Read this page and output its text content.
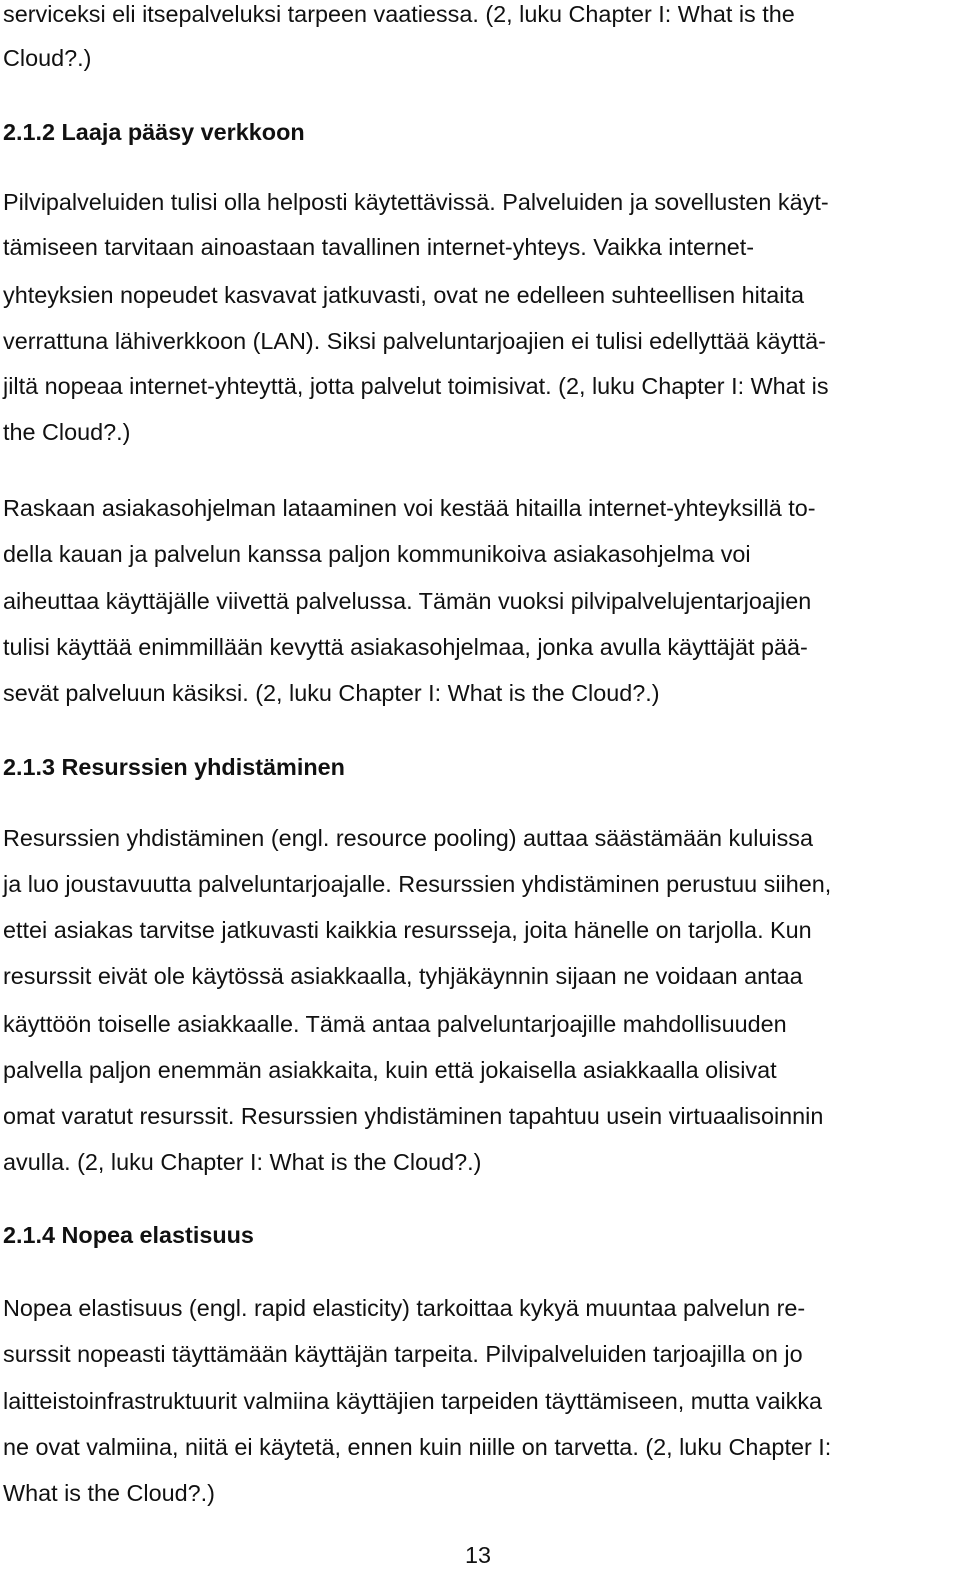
serviceksi eli itsepalveluksi tarpeen vaatiessa. (2, luku Chapter I: What is the
Cloud?.)
2.1.2 Laaja pääsy verkkoon
Pilvipalveluiden tulisi olla helposti käytettävissä. Palveluiden ja sovellusten käyt-
tämiseen tarvitaan ainoastaan tavallinen internet-yhteys. Vaikka internet-
yhteyksien nopeudet kasvavat jatkuvasti, ovat ne edelleen suhteellisen hitaita
verrattuna lähiverkkoon (LAN). Siksi palveluntarjoajien ei tulisi edellyttää käyttä-
jiltä nopeaa internet-yhteyttä, jotta palvelut toimisivat. (2, luku Chapter I: What is
the Cloud?.)
Raskaan asiakasohjelman lataaminen voi kestää hitailla internet-yhteyksillä to-
della kauan ja palvelun kanssa paljon kommunikoiva asiakasohjelma voi
aiheuttaa käyttäjälle viivettä palvelussa. Tämän vuoksi pilvipalvelujentarjoajien
tulisi käyttää enimmillään kevyttä asiakasohjelmaa, jonka avulla käyttäjät pää-
sevät palveluun käsiksi. (2, luku Chapter I: What is the Cloud?.)
2.1.3 Resurssien yhdistäminen
Resurssien yhdistäminen (engl. resource pooling) auttaa säästämään kuluissa
ja luo joustavuutta palveluntarjoajalle. Resurssien yhdistäminen perustuu siihen,
ettei asiakas tarvitse jatkuvasti kaikkia resursseja, joita hänelle on tarjolla. Kun
resurssit eivät ole käytössä asiakkaalla, tyhjäkäynnin sijaan ne voidaan antaa
käyttöön toiselle asiakkaalle. Tämä antaa palveluntarjoajille mahdollisuuden
palvella paljon enemmän asiakkaita, kuin että jokaisella asiakkaalla olisivat
omat varatut resurssit. Resurssien yhdistäminen tapahtuu usein virtuaalisoinnin
avulla. (2, luku Chapter I: What is the Cloud?.)
2.1.4 Nopea elastisuus
Nopea elastisuus (engl. rapid elasticity) tarkoittaa kykyä muuntaa palvelun re-
surssit nopeasti täyttämään käyttäjän tarpeita. Pilvipalveluiden tarjoajilla on jo
laitteistoinfrastruktuurit valmiina käyttäjien tarpeiden täyttämiseen, mutta vaikka
ne ovat valmiina, niitä ei käytetä, ennen kuin niille on tarvetta. (2, luku Chapter I:
What is the Cloud?.)
13
